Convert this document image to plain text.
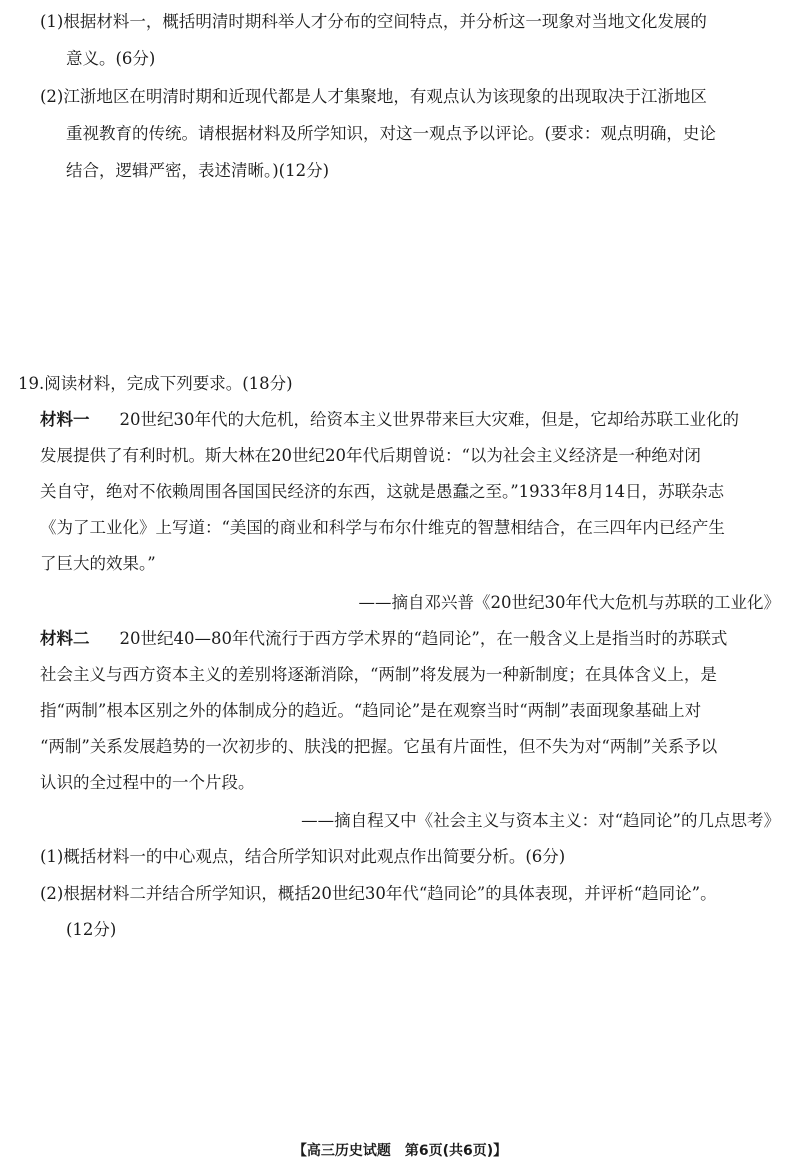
(1)根据材料一，概括明清时期科举人才分布的空间特点，并分析这一现象对当地文化发展的
意义。(6分)
(2)江浙地区在明清时期和近现代都是人才集聚地，有观点认为该现象的出现取决于江浙地区
重视教育的传统。请根据材料及所学知识，对这一观点予以评论。(要求：观点明确，史论
结合，逻辑严密，表述清晰。)(12分)
19.阅读材料，完成下列要求。(18分)
材料一 20世纪30年代的大危机，给资本主义世界带来巨大灾难，但是，它却给苏联工业化的
发展提供了有利时机。斯大林在20世纪20年代后期曾说：“以为社会主义经济是一种绝对闭
关自守，绝对不依赖周围各国国民经济的东西，这就是愚蠢之至。”1933年8月14日，苏联杂志
《为了工业化》上写道：“美国的商业和科学与布尔什维克的智慧相结合，在三四年内已经产生
了巨大的效果。”
——摘自邓兴普《20世纪30年代大危机与苏联的工业化》
材料二 20世纪40—80年代流行于西方学术界的“趋同论”，在一般含义上是指当时的苏联式
社会主义与西方资本主义的差别将逐渐消除，“两制”将发展为一种新制度；在具体含义上，是
指“两制”根本区别之外的体制成分的趋近。“趋同论”是在观察当时“两制”表面现象基础上对
“两制”关系发展趋势的一次初步的、肤浅的把握。它虽有片面性，但不失为对“两制”关系予以
认识的全过程中的一个片段。
——摘自程又中《社会主义与资本主义：对“趋同论”的几点思考》
(1)概括材料一的中心观点，结合所学知识对此观点作出简要分析。(6分)
(2)根据材料二并结合所学知识，概括20世纪30年代“趋同论”的具体表现，并评析“趋同论”。
(12分)
【高三历史试题　第6页(共6页)】
